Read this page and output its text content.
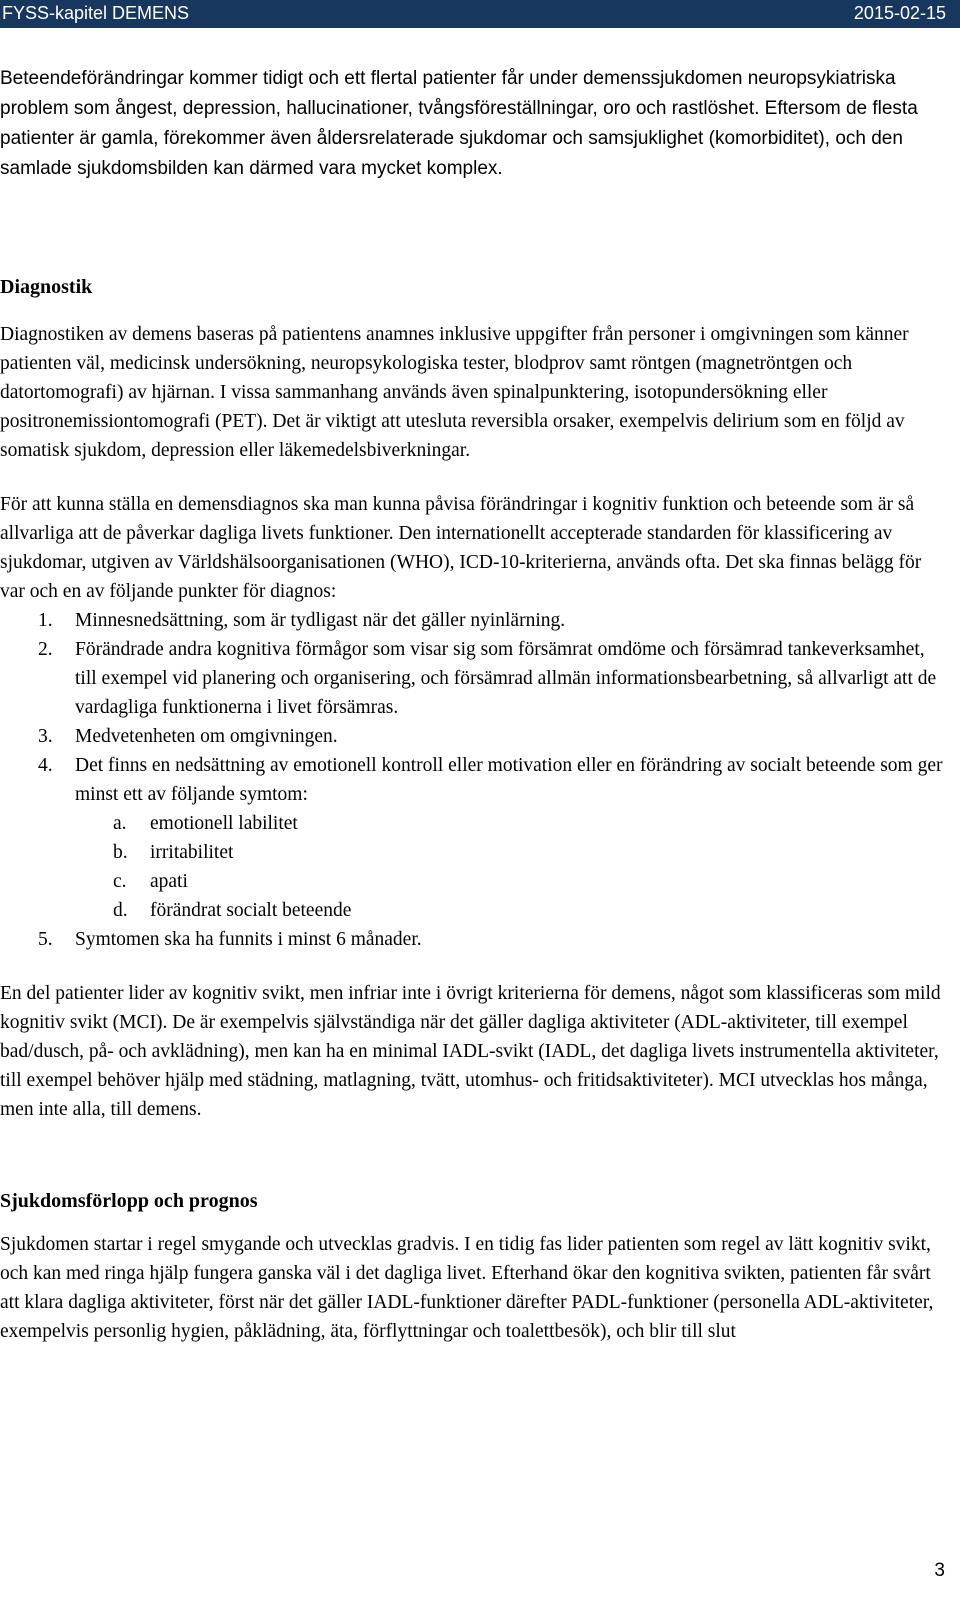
FYSS-kapitel DEMENS	2015-02-15

Beteendeförändringar kommer tidigt och ett flertal patienter får under demenssjukdomen neuropsykiatriska problem som ångest, depression, hallucinationer, tvångsföreställningar, oro och rastlöshet. Eftersom de flesta patienter är gamla, förekommer även åldersrelaterade sjukdomar och samsjuklighet (komorbiditet), och den samlade sjukdomsbilden kan därmed vara mycket komplex.

Diagnostik

Diagnostiken av demens baseras på patientens anamnes inklusive uppgifter från personer i omgivningen som känner patienten väl, medicinsk undersökning, neuropsykologiska tester, blodprov samt röntgen (magnetröntgen och datortomografi) av hjärnan. I vissa sammanhang används även spinalpunktering, isotopundersökning eller positronemissiontomografi (PET). Det är viktigt att utesluta reversibla orsaker, exempelvis delirium som en följd av somatisk sjukdom, depression eller läkemedelsbiverkningar.

För att kunna ställa en demensdiagnos ska man kunna påvisa förändringar i kognitiv funktion och beteende som är så allvarliga att de påverkar dagliga livets funktioner. Den internationellt accepterade standarden för klassificering av sjukdomar, utgiven av Världshälsoorganisationen (WHO), ICD-10-kriterierna, används ofta. Det ska finnas belägg för var och en av följande punkter för diagnos:

1. Minnesnedsättning, som är tydligast när det gäller nyinlärning.
2. Förändrade andra kognitiva förmågor som visar sig som försämrat omdöme och försämrad tankeverksamhet, till exempel vid planering och organisering, och försämrad allmän informationsbearbetning, så allvarligt att de vardagliga funktionerna i livet försämras.
3. Medvetenheten om omgivningen.
4. Det finns en nedsättning av emotionell kontroll eller motivation eller en förändring av socialt beteende som ger minst ett av följande symtom:
a. emotionell labilitet
b. irritabilitet
c. apati
d. förändrat socialt beteende
5. Symtomen ska ha funnits i minst 6 månader.

En del patienter lider av kognitiv svikt, men infriar inte i övrigt kriterierna för demens, något som klassificeras som mild kognitiv svikt (MCI). De är exempelvis självständiga när det gäller dagliga aktiviteter (ADL-aktiviteter, till exempel bad/dusch, på- och avklädning), men kan ha en minimal IADL-svikt (IADL, det dagliga livets instrumentella aktiviteter, till exempel behöver hjälp med städning, matlagning, tvätt, utomhus- och fritidsaktiviteter). MCI utvecklas hos många, men inte alla, till demens.

Sjukdomsförlopp och prognos

Sjukdomen startar i regel smygande och utvecklas gradvis. I en tidig fas lider patienten som regel av lätt kognitiv svikt, och kan med ringa hjälp fungera ganska väl i det dagliga livet. Efterhand ökar den kognitiva svikten, patienten får svårt att klara dagliga aktiviteter, först när det gäller IADL-funktioner därefter PADL-funktioner (personella ADL-aktiviteter, exempelvis personlig hygien, påklädning, äta, förflyttningar och toalettbesök), och blir till slut

3
